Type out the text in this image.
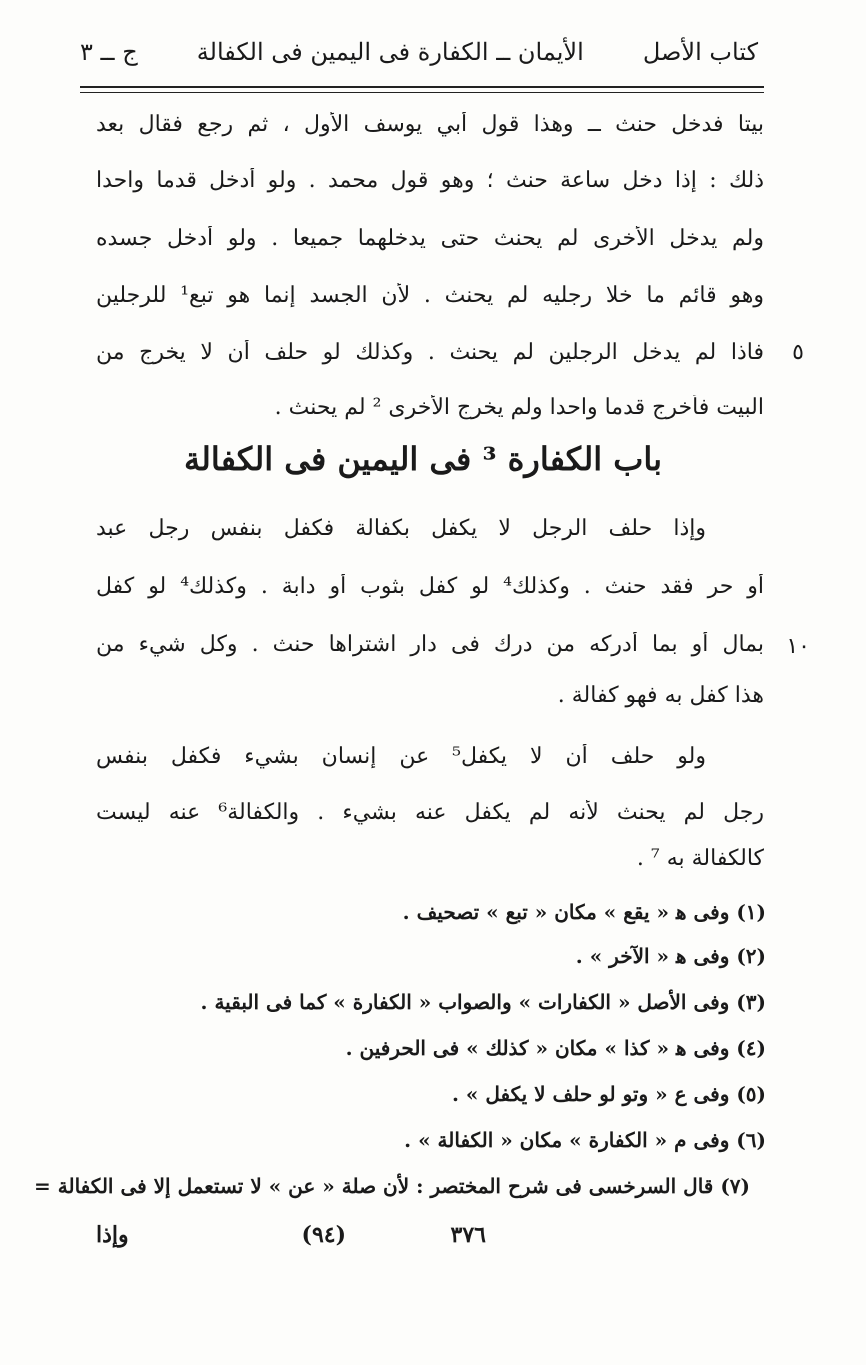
كتاب الأصل
الأيمان ــ الكفارة فى اليمين فى الكفالة
ج ــ ٣
بيتا فدخل حنث ــ وهذا قول أبي يوسف الأول ، ثم رجع فقال بعد
ذلك : إذا دخل ساعة حنث ؛ وهو قول محمد . ولو أدخل قدما واحدا
ولم يدخل الأخرى لم يحنث حتى يدخلهما جميعا . ولو أدخل جسده
وهو قائم ما خلا رجليه لم يحنث . لأن الجسد إنما هو تبع¹ للرجلين
فاذا لم يدخل الرجلين لم يحنث . وكذلك لو حلف أن لا يخرج من ٥
البيت فأخرج قدما واحدا ولم يخرج الأخرى ² لم يحنث .
باب الكفارة ³ فى اليمين فى الكفالة
وإذا حلف الرجل لا يكفل بكفالة فكفل بنفس رجل عبد
أو حر فقد حنث . وكذلك⁴ لو كفل بثوب أو دابة . وكذلك⁴ لو كفل
بمال أو بما أدركه من درك فى دار اشتراها حنث . وكل شيء من ١٠
هذا كفل به فهو كفالة .
ولو حلف أن لا يكفل⁵ عن إنسان بشيء فكفل بنفس
رجل لم يحنث لأنه لم يكفل عنه بشيء . والكفالة⁶ عنه ليست
كالكفالة به ⁷ .
(١) وفى ﻫ « يقع » مكان « تبع » تصحيف .
(٢) وفى ﻫ « الآخر » .
(٣) وفى الأصل « الكفارات » والصواب « الكفارة » كما فى البقية .
(٤) وفى ﻫ « كذا » مكان « كذلك » فى الحرفين .
(٥) وفى ع « وتو لو حلف لا يكفل » .
(٦) وفى م « الكفارة » مكان « الكفالة » .
(٧) قال السرخسى فى شرح المختصر : لأن صلة « عن » لا تستعمل إلا فى الكفالة =
٣٧٦
(٩٤)
وإذا
